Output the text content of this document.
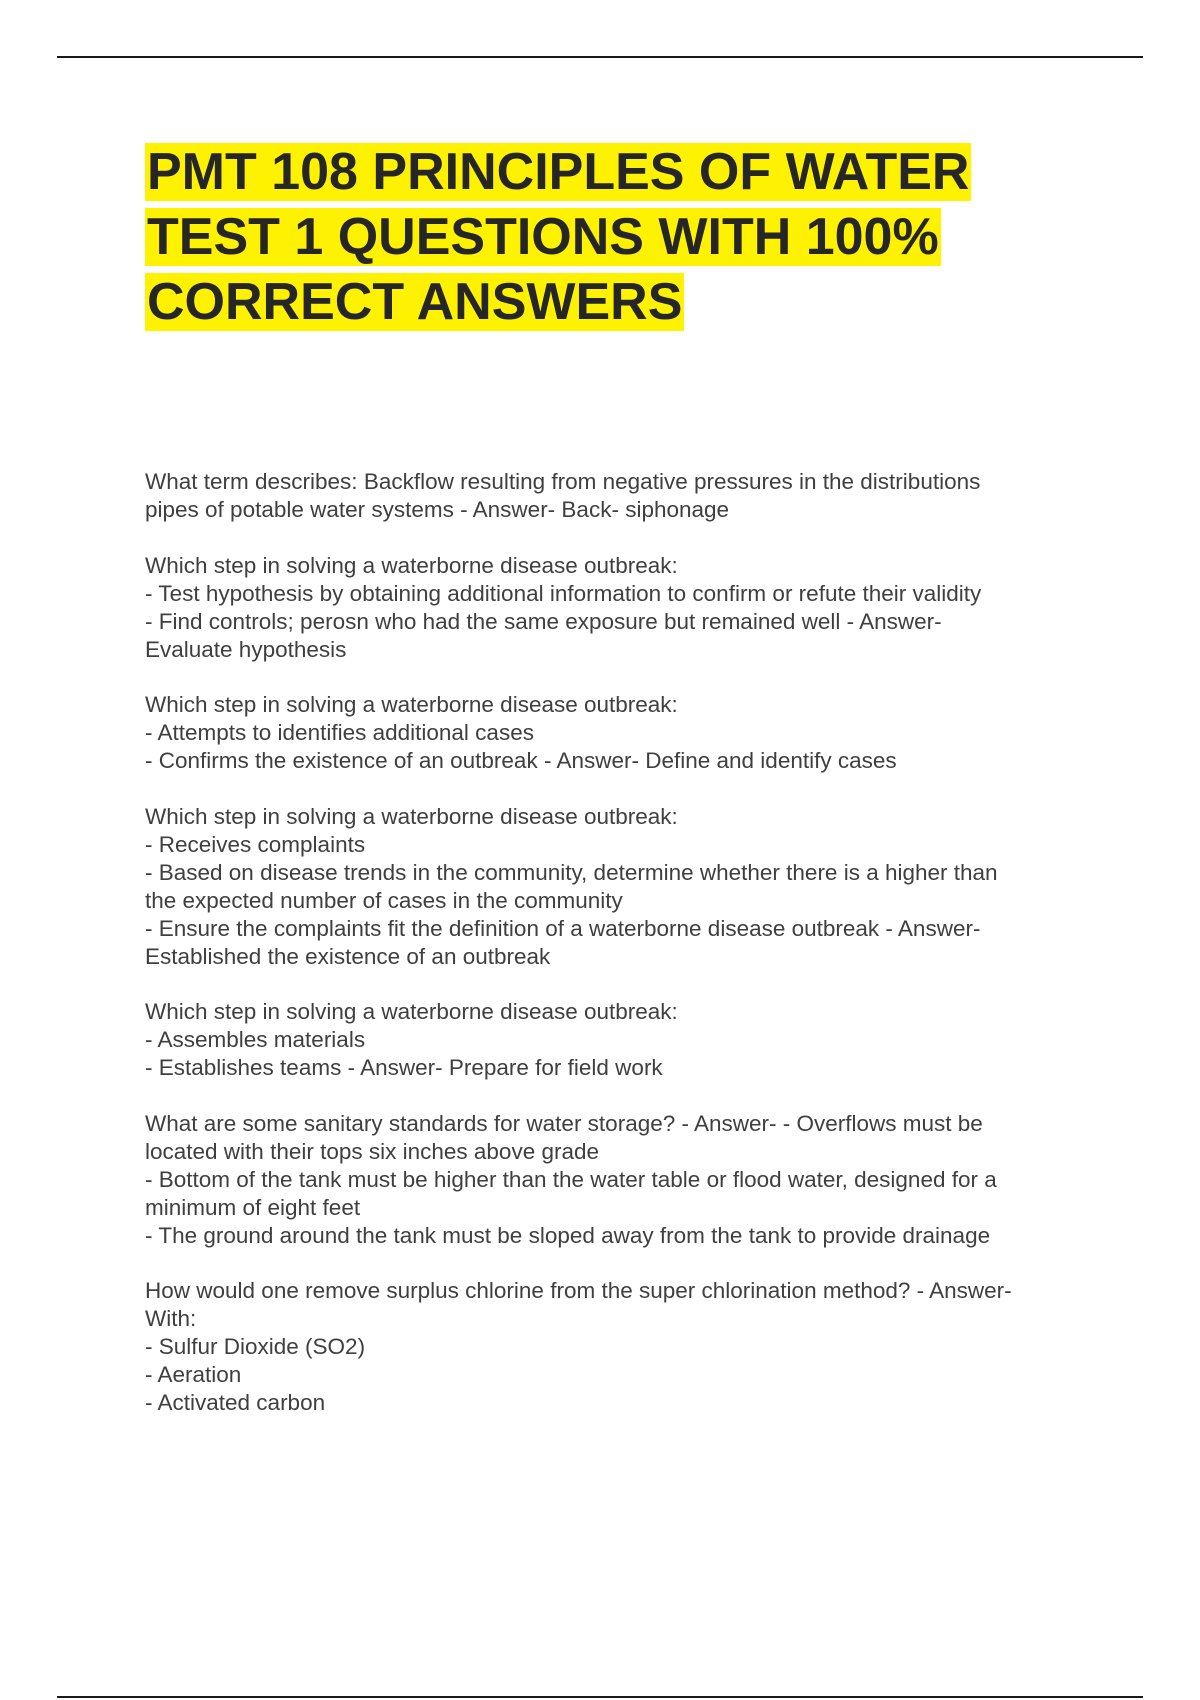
PMT 108 PRINCIPLES OF WATER
TEST 1 QUESTIONS WITH 100%
CORRECT ANSWERS
What term describes: Backflow resulting from negative pressures in the distributions
pipes of potable water systems - Answer- Back- siphonage
Which step in solving a waterborne disease outbreak:
- Test hypothesis by obtaining additional information to confirm or refute their validity
- Find controls; perosn who had the same exposure but remained well - Answer-
Evaluate hypothesis
Which step in solving a waterborne disease outbreak:
- Attempts to identifies additional cases
- Confirms the existence of an outbreak - Answer- Define and identify cases
Which step in solving a waterborne disease outbreak:
- Receives complaints
- Based on disease trends in the community, determine whether there is a higher than
the expected number of cases in the community
- Ensure the complaints fit the definition of a waterborne disease outbreak - Answer-
Established the existence of an outbreak
Which step in solving a waterborne disease outbreak:
- Assembles materials
- Establishes teams - Answer- Prepare for field work
What are some sanitary standards for water storage? - Answer- - Overflows must be
located with their tops six inches above grade
- Bottom of the tank must be higher than the water table or flood water, designed for a
minimum of eight feet
- The ground around the tank must be sloped away from the tank to provide drainage
How would one remove surplus chlorine from the super chlorination method? - Answer-
With:
- Sulfur Dioxide (SO2)
- Aeration
- Activated carbon
